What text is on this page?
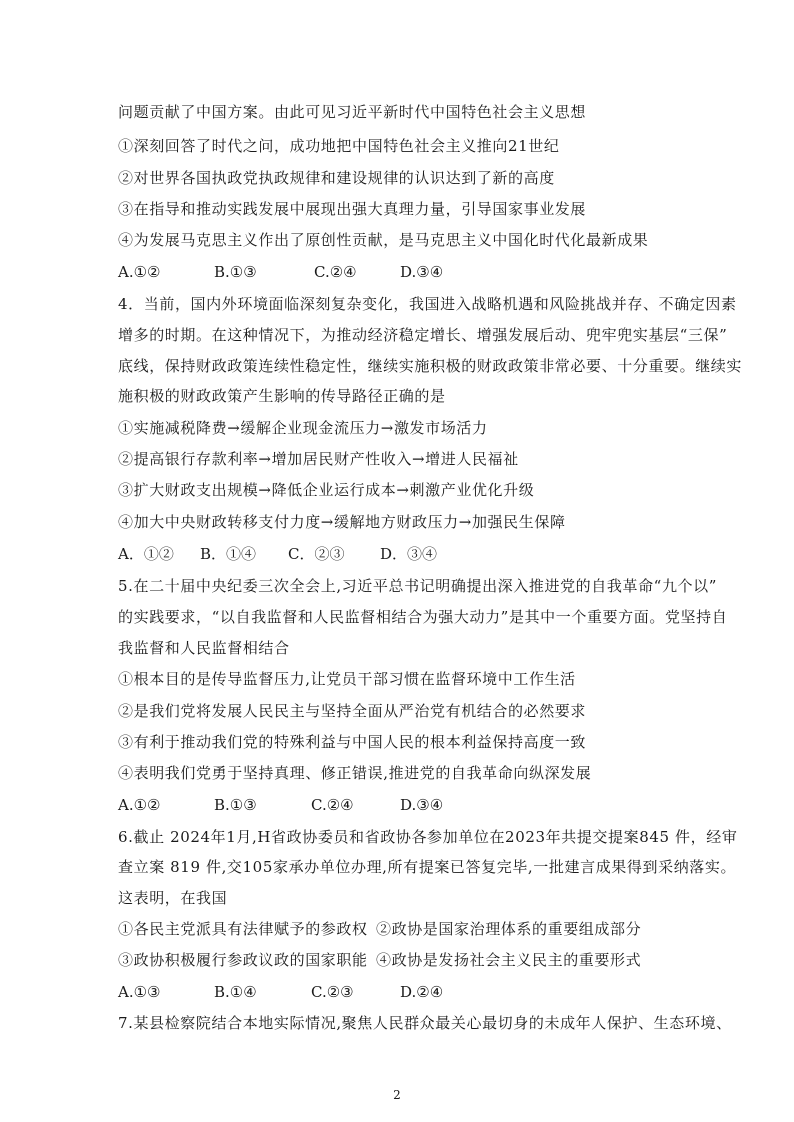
问题贡献了中国方案。由此可见习近平新时代中国特色社会主义思想
①深刻回答了时代之问，成功地把中国特色社会主义推向21世纪
②对世界各国执政党执政规律和建设规律的认识达到了新的高度
③在指导和推动实践发展中展现出强大真理力量，引导国家事业发展
④为发展马克思主义作出了原创性贡献，是马克思主义中国化时代化最新成果
A.①②	B.①③	C.②④	D.③④
4．当前，国内外环境面临深刻复杂变化，我国进入战略机遇和风险挑战并存、不确定因素
增多的时期。在这种情况下，为推动经济稳定增长、增强发展后动、兜牢兜实基层“三保”
底线，保持财政政策连续性稳定性，继续实施积极的财政政策非常必要、十分重要。继续实
施积极的财政政策产生影响的传导路径正确的是
①实施减税降费→缓解企业现金流压力→激发市场活力
②提高银行存款利率→增加居民财产性收入→增进人民福祉
③扩大财政支出规模→降低企业运行成本→刺激产业优化升级
④加大中央财政转移支付力度→缓解地方财政压力→加强民生保障
A．①② B．①④ C．②③ D．③④
5.在二十届中央纪委三次全会上,习近平总书记明确提出深入推进党的自我革命“九个以”
的实践要求，“以自我监督和人民监督相结合为强大动力”是其中一个重要方面。党坚持自
我监督和人民监督相结合
①根本目的是传导监督压力,让党员干部习惯在监督环境中工作生活
②是我们党将发展人民民主与坚持全面从严治党有机结合的必然要求
③有利于推动我们党的特殊利益与中国人民的根本利益保持高度一致
④表明我们党勇于坚持真理、修正错误,推进党的自我革命向纵深发展
A.①②	B.①③	C.②④	D.③④
6.截止 2024年1月,H省政协委员和省政协各参加单位在2023年共提交提案845 件，经审
查立案 819 件,交105家承办单位办理,所有提案已答复完毕,一批建言成果得到采纳落实。
这表明，在我国
①各民主党派具有法律赋予的参政权 ②政协是国家治理体系的重要组成部分
③政协积极履行参政议政的国家职能 ④政协是发扬社会主义民主的重要形式
A.①③	B.①④	C.②③	D.②④
7.某县检察院结合本地实际情况,聚焦人民群众最关心最切身的未成年人保护、生态环境、
2
